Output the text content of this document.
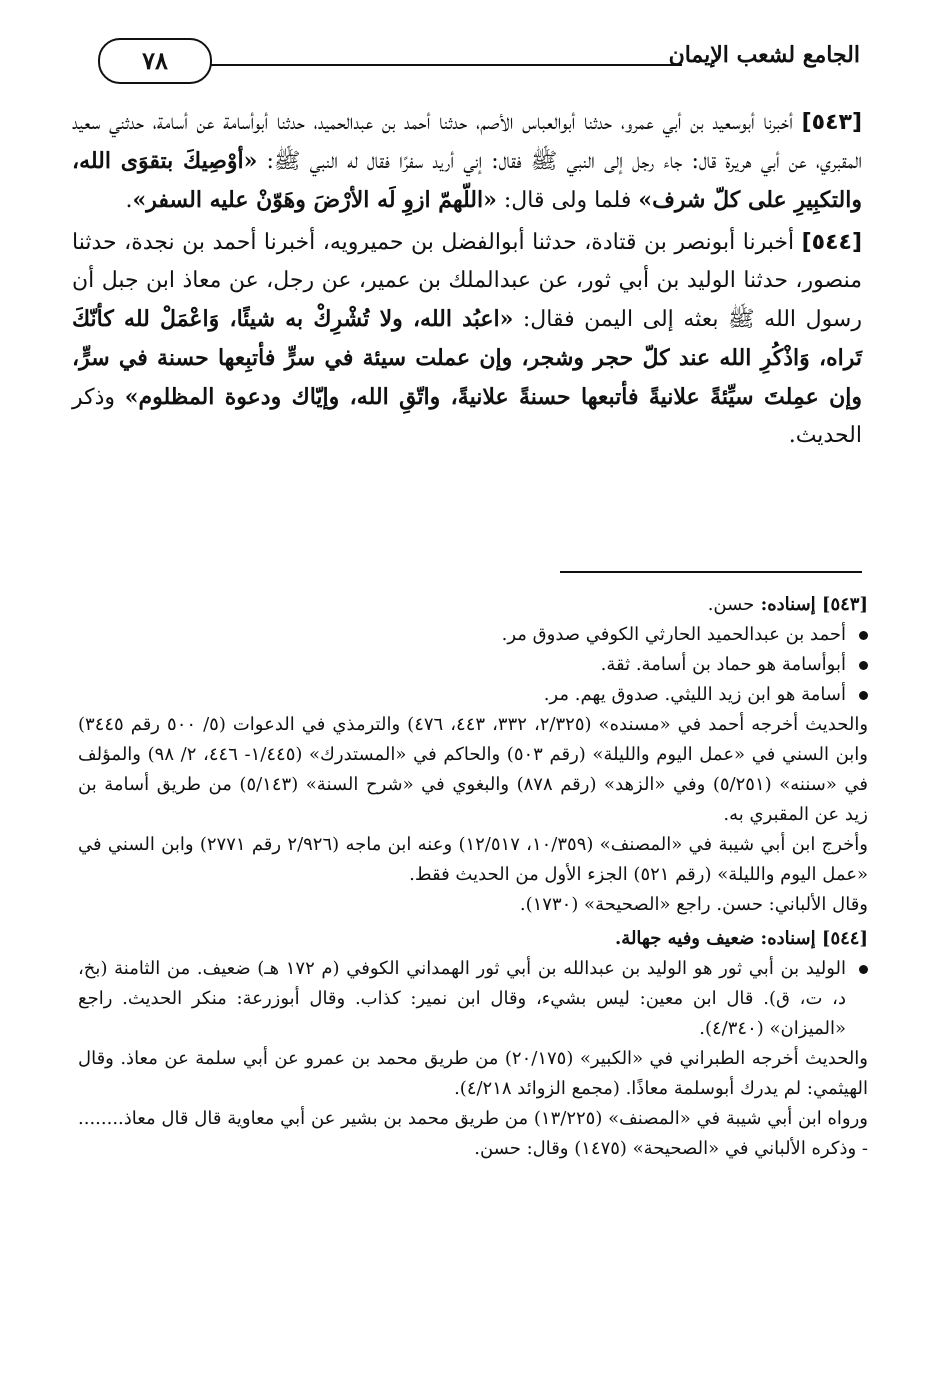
٧٨	الجامع لشعب الإيمان

[٥٤٣] أخبرنا أبوسعيد بن أبي عمرو، حدثنا أبوالعباس الأصم، حدثنا أحمد بن عبدالحميد، حدثنا أبوأسامة عن أسامة، حدثني سعيد المقبري، عن أبي هريرة قال: جاء رجل إلى النبي ﷺ فقال: إني أريد سفرًا فقال له النبي ﷺ: «أوْصِيكَ بتقوَى الله، والتكبِيرِ على كلّ شرف» فلما ولى قال: «اللّهمّ ازوِ لَه الأرْضَ وهَوّنْ عليه السفر».

[٥٤٤] أخبرنا أبونصر بن قتادة، حدثنا أبوالفضل بن حميرويه، أخبرنا أحمد بن نجدة، حدثنا منصور، حدثنا الوليد بن أبي ثور، عن عبدالملك بن عمير، عن رجل، عن معاذ ابن جبل أن رسول الله ﷺ بعثه إلى اليمن فقال: «اعبُد الله، ولا تُشْرِكْ به شيئًا، وَاعْمَلْ لله كأنّكَ تَراه، وَاذْكُرِ الله عند كلّ حجر وشجر، وإن عملت سيئة في سرٍّ فأتبِعها حسنة في سرٍّ، وإن عمِلتَ سيِّئةً علانيةً فأتبعها حسنةً علانيةً، واتّقِ الله، وإيّاك ودعوة المظلوم» وذكر الحديث.

[٥٤٣] إسناده: حسن.

أحمد بن عبدالحميد الحارثي الكوفي صدوق مر.
أبوأسامة هو حماد بن أسامة. ثقة.
أسامة هو ابن زيد الليثي. صدوق يهم. مر.

والحديث أخرجه أحمد في «مسنده» (٢/٣٢٥، ٣٣٢، ٤٤٣، ٤٧٦) والترمذي في الدعوات (٥/ ٥٠٠ رقم ٣٤٤٥) وابن السني في «عمل اليوم والليلة» (رقم ٥٠٣) والحاكم في «المستدرك» (١/٤٤٥- ٤٤٦، ٢/ ٩٨) والمؤلف في «سننه» (٥/٢٥١) وفي «الزهد» (رقم ٨٧٨) والبغوي في «شرح السنة» (٥/١٤٣) من طريق أسامة بن زيد عن المقبري به.

وأخرج ابن أبي شيبة في «المصنف» (١٠/٣٥٩، ١٢/٥١٧) وعنه ابن ماجه (٢/٩٢٦ رقم ٢٧٧١) وابن السني في «عمل اليوم والليلة» (رقم ٥٢١) الجزء الأول من الحديث فقط.

وقال الألباني: حسن. راجع «الصحيحة» (١٧٣٠).

[٥٤٤] إسناده: ضعيف وفيه جهالة.

الوليد بن أبي ثور هو الوليد بن عبدالله بن أبي ثور الهمداني الكوفي (م ١٧٢ هـ) ضعيف. من الثامنة (بخ، د، ت، ق). قال ابن معين: ليس بشيء، وقال ابن نمير: كذاب. وقال أبوزرعة: منكر الحديث. راجع «الميزان» (٤/٣٤٠).

والحديث أخرجه الطبراني في «الكبير» (٢٠/١٧٥) من طريق محمد بن عمرو عن أبي سلمة عن معاذ. وقال الهيثمي: لم يدرك أبوسلمة معاذًا. (مجمع الزوائد ٤/٢١٨).

ورواه ابن أبي شيبة في «المصنف» (١٣/٢٢٥) من طريق محمد بن بشير عن أبي معاوية قال قال معاذ........ - وذكره الألباني في «الصحيحة» (١٤٧٥) وقال: حسن.
